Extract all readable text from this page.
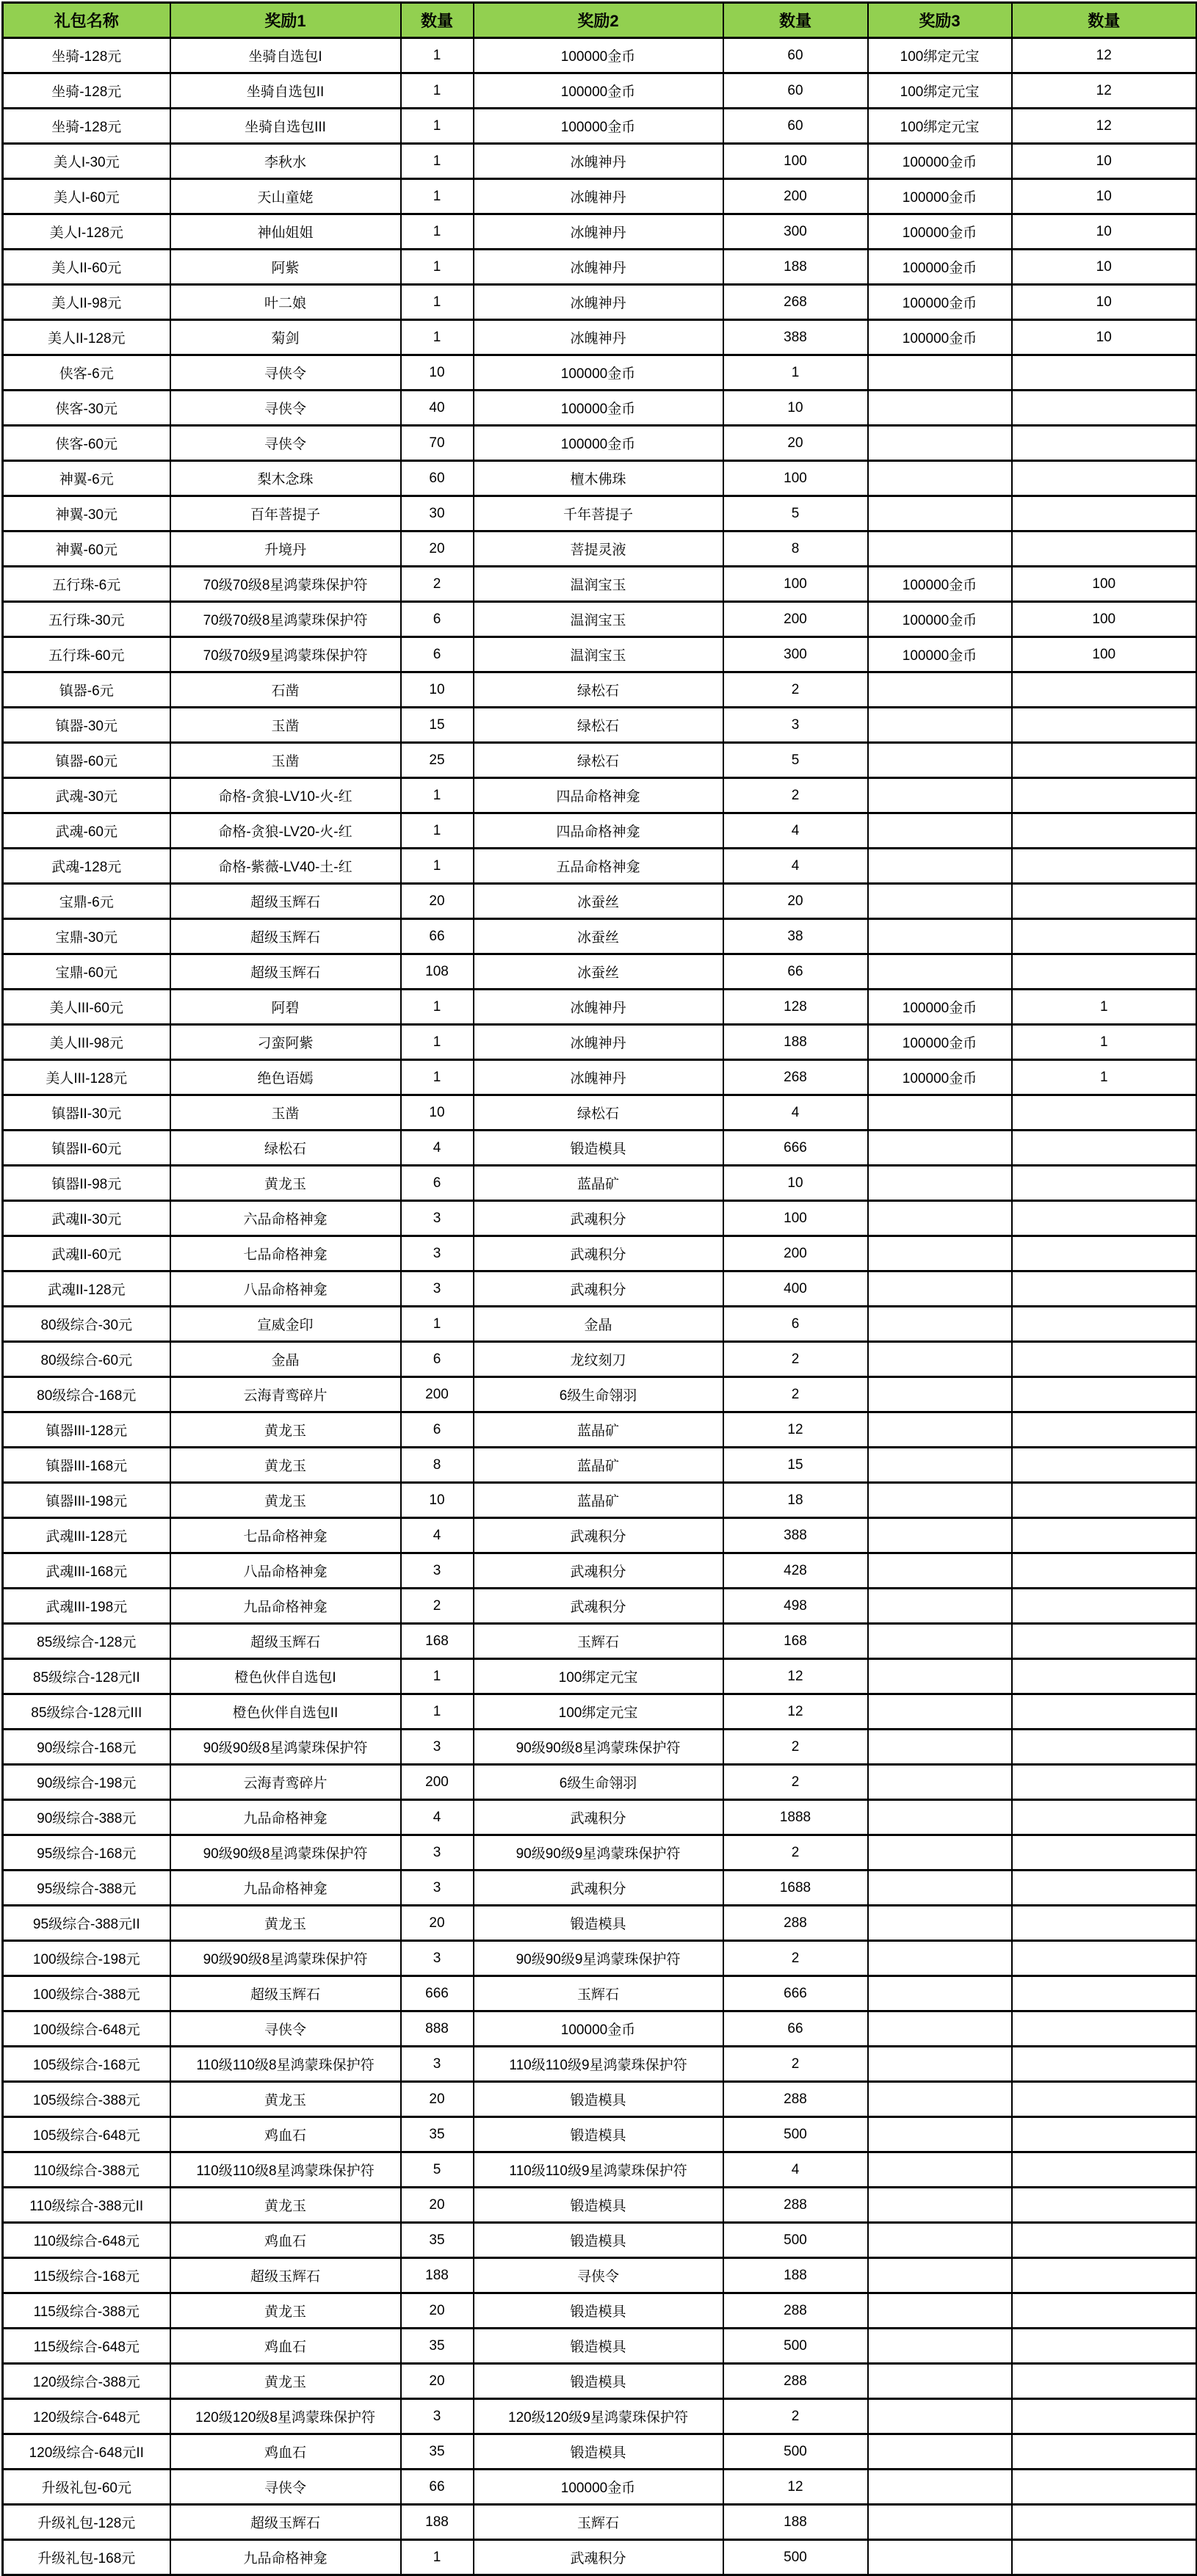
礼包名称	奖励1	数量	奖励2	数量	奖励3	数量
坐骑-128元	坐骑自选包I	1	100000金币	60	100绑定元宝	12
坐骑-128元	坐骑自选包II	1	100000金币	60	100绑定元宝	12
坐骑-128元	坐骑自选包III	1	100000金币	60	100绑定元宝	12
美人I-30元	李秋水	1	冰魄神丹	100	100000金币	10
美人I-60元	天山童姥	1	冰魄神丹	200	100000金币	10
美人I-128元	神仙姐姐	1	冰魄神丹	300	100000金币	10
美人II-60元	阿紫	1	冰魄神丹	188	100000金币	10
美人II-98元	叶二娘	1	冰魄神丹	268	100000金币	10
美人II-128元	菊剑	1	冰魄神丹	388	100000金币	10
侠客-6元	寻侠令	10	100000金币	1		
侠客-30元	寻侠令	40	100000金币	10		
侠客-60元	寻侠令	70	100000金币	20		
神翼-6元	梨木念珠	60	檀木佛珠	100		
神翼-30元	百年菩提子	30	千年菩提子	5		
神翼-60元	升境丹	20	菩提灵液	8		
五行珠-6元	70级70级8星鸿蒙珠保护符	2	温润宝玉	100	100000金币	100
五行珠-30元	70级70级8星鸿蒙珠保护符	6	温润宝玉	200	100000金币	100
五行珠-60元	70级70级9星鸿蒙珠保护符	6	温润宝玉	300	100000金币	100
镇器-6元	石凿	10	绿松石	2		
镇器-30元	玉凿	15	绿松石	3		
镇器-60元	玉凿	25	绿松石	5		
武魂-30元	命格-贪狼-LV10-火-红	1	四品命格神龛	2		
武魂-60元	命格-贪狼-LV20-火-红	1	四品命格神龛	4		
武魂-128元	命格-紫薇-LV40-土-红	1	五品命格神龛	4		
宝鼎-6元	超级玉辉石	20	冰蚕丝	20		
宝鼎-30元	超级玉辉石	66	冰蚕丝	38		
宝鼎-60元	超级玉辉石	108	冰蚕丝	66		
美人III-60元	阿碧	1	冰魄神丹	128	100000金币	1
美人III-98元	刁蛮阿紫	1	冰魄神丹	188	100000金币	1
美人III-128元	绝色语嫣	1	冰魄神丹	268	100000金币	1
镇器II-30元	玉凿	10	绿松石	4		
镇器II-60元	绿松石	4	锻造模具	666		
镇器II-98元	黄龙玉	6	蓝晶矿	10		
武魂II-30元	六品命格神龛	3	武魂积分	100		
武魂II-60元	七品命格神龛	3	武魂积分	200		
武魂II-128元	八品命格神龛	3	武魂积分	400		
80级综合-30元	宣威金印	1	金晶	6		
80级综合-60元	金晶	6	龙纹刻刀	2		
80级综合-168元	云海青鸾碎片	200	6级生命翎羽	2		
镇器III-128元	黄龙玉	6	蓝晶矿	12		
镇器III-168元	黄龙玉	8	蓝晶矿	15		
镇器III-198元	黄龙玉	10	蓝晶矿	18		
武魂III-128元	七品命格神龛	4	武魂积分	388		
武魂III-168元	八品命格神龛	3	武魂积分	428		
武魂III-198元	九品命格神龛	2	武魂积分	498		
85级综合-128元	超级玉辉石	168	玉辉石	168		
85级综合-128元II	橙色伙伴自选包I	1	100绑定元宝	12		
85级综合-128元III	橙色伙伴自选包II	1	100绑定元宝	12		
90级综合-168元	90级90级8星鸿蒙珠保护符	3	90级90级8星鸿蒙珠保护符	2		
90级综合-198元	云海青鸾碎片	200	6级生命翎羽	2		
90级综合-388元	九品命格神龛	4	武魂积分	1888		
95级综合-168元	90级90级8星鸿蒙珠保护符	3	90级90级9星鸿蒙珠保护符	2		
95级综合-388元	九品命格神龛	3	武魂积分	1688		
95级综合-388元II	黄龙玉	20	锻造模具	288		
100级综合-198元	90级90级8星鸿蒙珠保护符	3	90级90级9星鸿蒙珠保护符	2		
100级综合-388元	超级玉辉石	666	玉辉石	666		
100级综合-648元	寻侠令	888	100000金币	66		
105级综合-168元	110级110级8星鸿蒙珠保护符	3	110级110级9星鸿蒙珠保护符	2		
105级综合-388元	黄龙玉	20	锻造模具	288		
105级综合-648元	鸡血石	35	锻造模具	500		
110级综合-388元	110级110级8星鸿蒙珠保护符	5	110级110级9星鸿蒙珠保护符	4		
110级综合-388元II	黄龙玉	20	锻造模具	288		
110级综合-648元	鸡血石	35	锻造模具	500		
115级综合-168元	超级玉辉石	188	寻侠令	188		
115级综合-388元	黄龙玉	20	锻造模具	288		
115级综合-648元	鸡血石	35	锻造模具	500		
120级综合-388元	黄龙玉	20	锻造模具	288		
120级综合-648元	120级120级8星鸿蒙珠保护符	3	120级120级9星鸿蒙珠保护符	2		
120级综合-648元II	鸡血石	35	锻造模具	500		
升级礼包-60元	寻侠令	66	100000金币	12		
升级礼包-128元	超级玉辉石	188	玉辉石	188		
升级礼包-168元	九品命格神龛	1	武魂积分	500		
